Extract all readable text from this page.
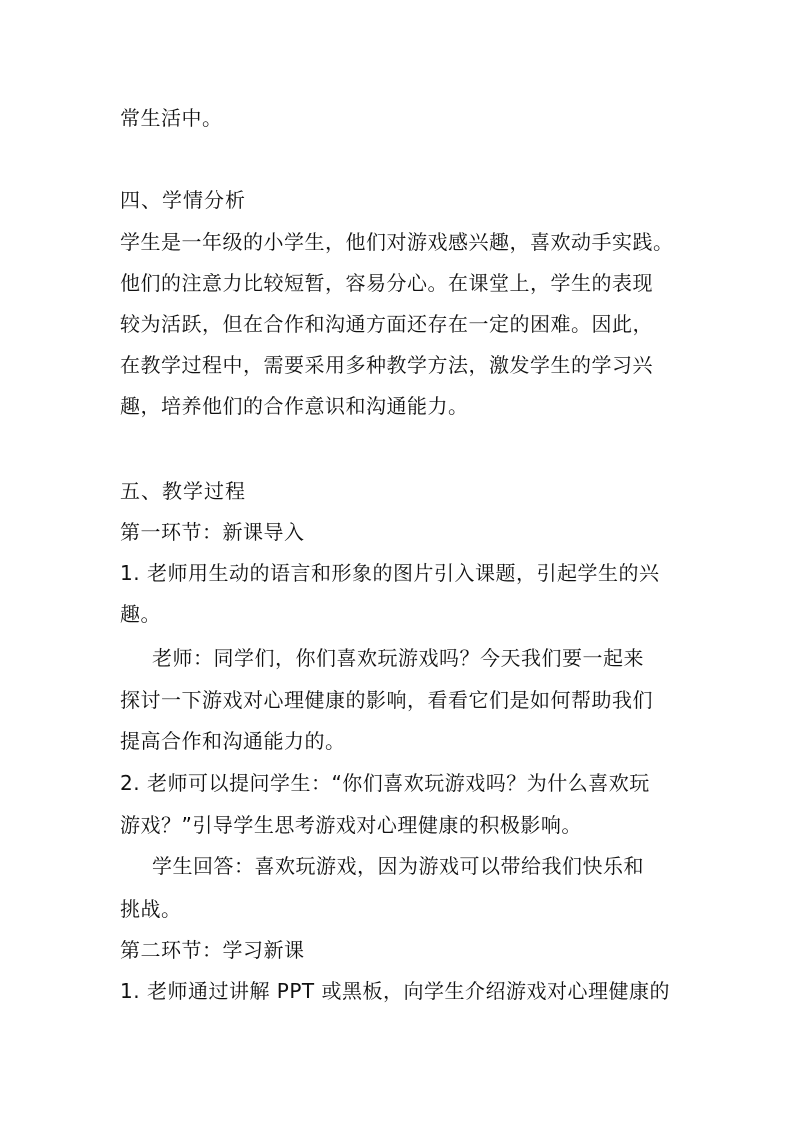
常生活中。
四、学情分析
学生是一年级的小学生，他们对游戏感兴趣，喜欢动手实践。
他们的注意力比较短暂，容易分心。在课堂上，学生的表现
较为活跃，但在合作和沟通方面还存在一定的困难。因此，
在教学过程中，需要采用多种教学方法，激发学生的学习兴
趣，培养他们的合作意识和沟通能力。
五、教学过程
第一环节：新课导入
1. 老师用生动的语言和形象的图片引入课题，引起学生的兴
趣。
老师：同学们，你们喜欢玩游戏吗？今天我们要一起来
探讨一下游戏对心理健康的影响，看看它们是如何帮助我们
提高合作和沟通能力的。
2. 老师可以提问学生：“你们喜欢玩游戏吗？为什么喜欢玩
游戏？”引导学生思考游戏对心理健康的积极影响。
学生回答：喜欢玩游戏，因为游戏可以带给我们快乐和
挑战。
第二环节：学习新课
1. 老师通过讲解 PPT 或黑板，向学生介绍游戏对心理健康的
